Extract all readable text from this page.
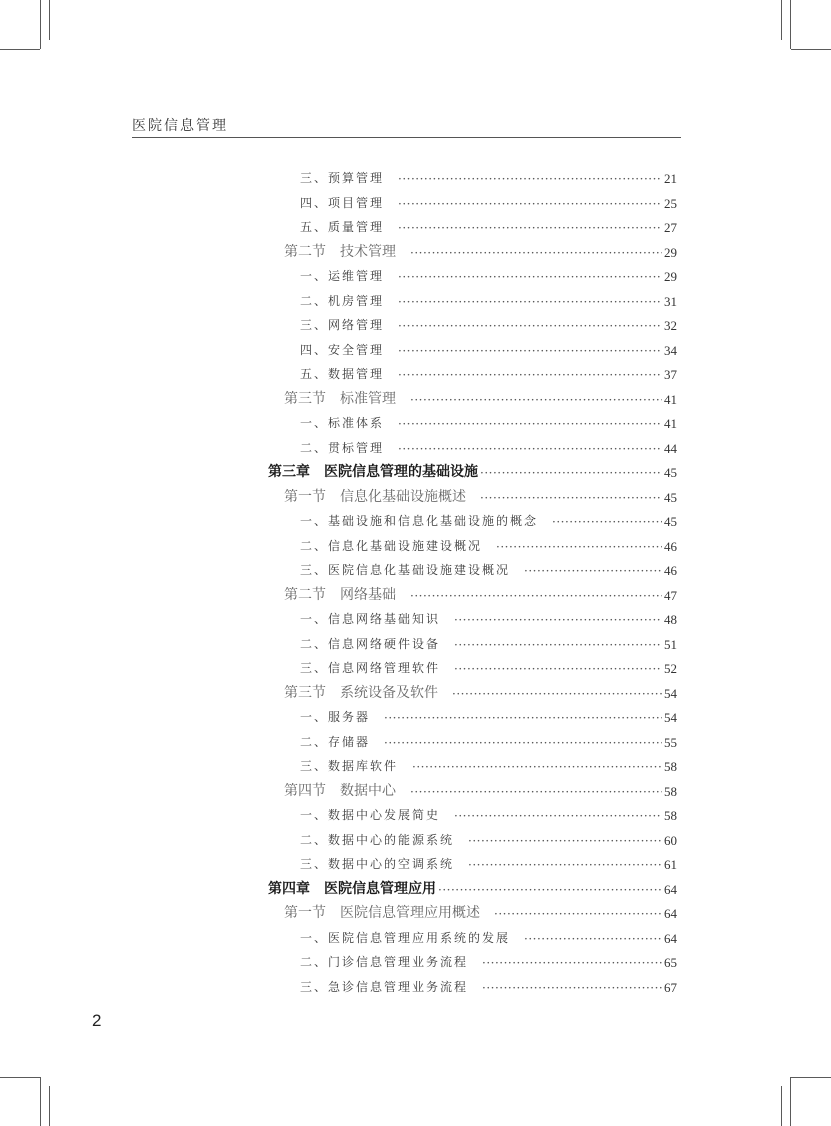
医院信息管理
三、预算管理 ·····	21
四、项目管理 ·····	25
五、质量管理 ·····	27
第二节　技术管理 ·····	29
一、运维管理 ·····	29
二、机房管理 ·····	31
三、网络管理 ·····	32
四、安全管理 ·····	34
五、数据管理 ·····	37
第三节　标准管理 ·····	41
一、标准体系 ·····	41
二、贯标管理 ·····	44
第三章　医院信息管理的基础设施 ·····	45
第一节　信息化基础设施概述 ·····	45
一、基础设施和信息化基础设施的概念 ·····	45
二、信息化基础设施建设概况 ·····	46
三、医院信息化基础设施建设概况 ·····	46
第二节　网络基础 ·····	47
一、信息网络基础知识 ·····	48
二、信息网络硬件设备 ·····	51
三、信息网络管理软件 ·····	52
第三节　系统设备及软件 ·····	54
一、服务器 ·····	54
二、存储器 ·····	55
三、数据库软件 ·····	58
第四节　数据中心 ·····	58
一、数据中心发展简史 ·····	58
二、数据中心的能源系统 ·····	60
三、数据中心的空调系统 ·····	61
第四章　医院信息管理应用 ·····	64
第一节　医院信息管理应用概述 ·····	64
一、医院信息管理应用系统的发展 ·····	64
二、门诊信息管理业务流程 ·····	65
三、急诊信息管理业务流程 ·····	67
2
